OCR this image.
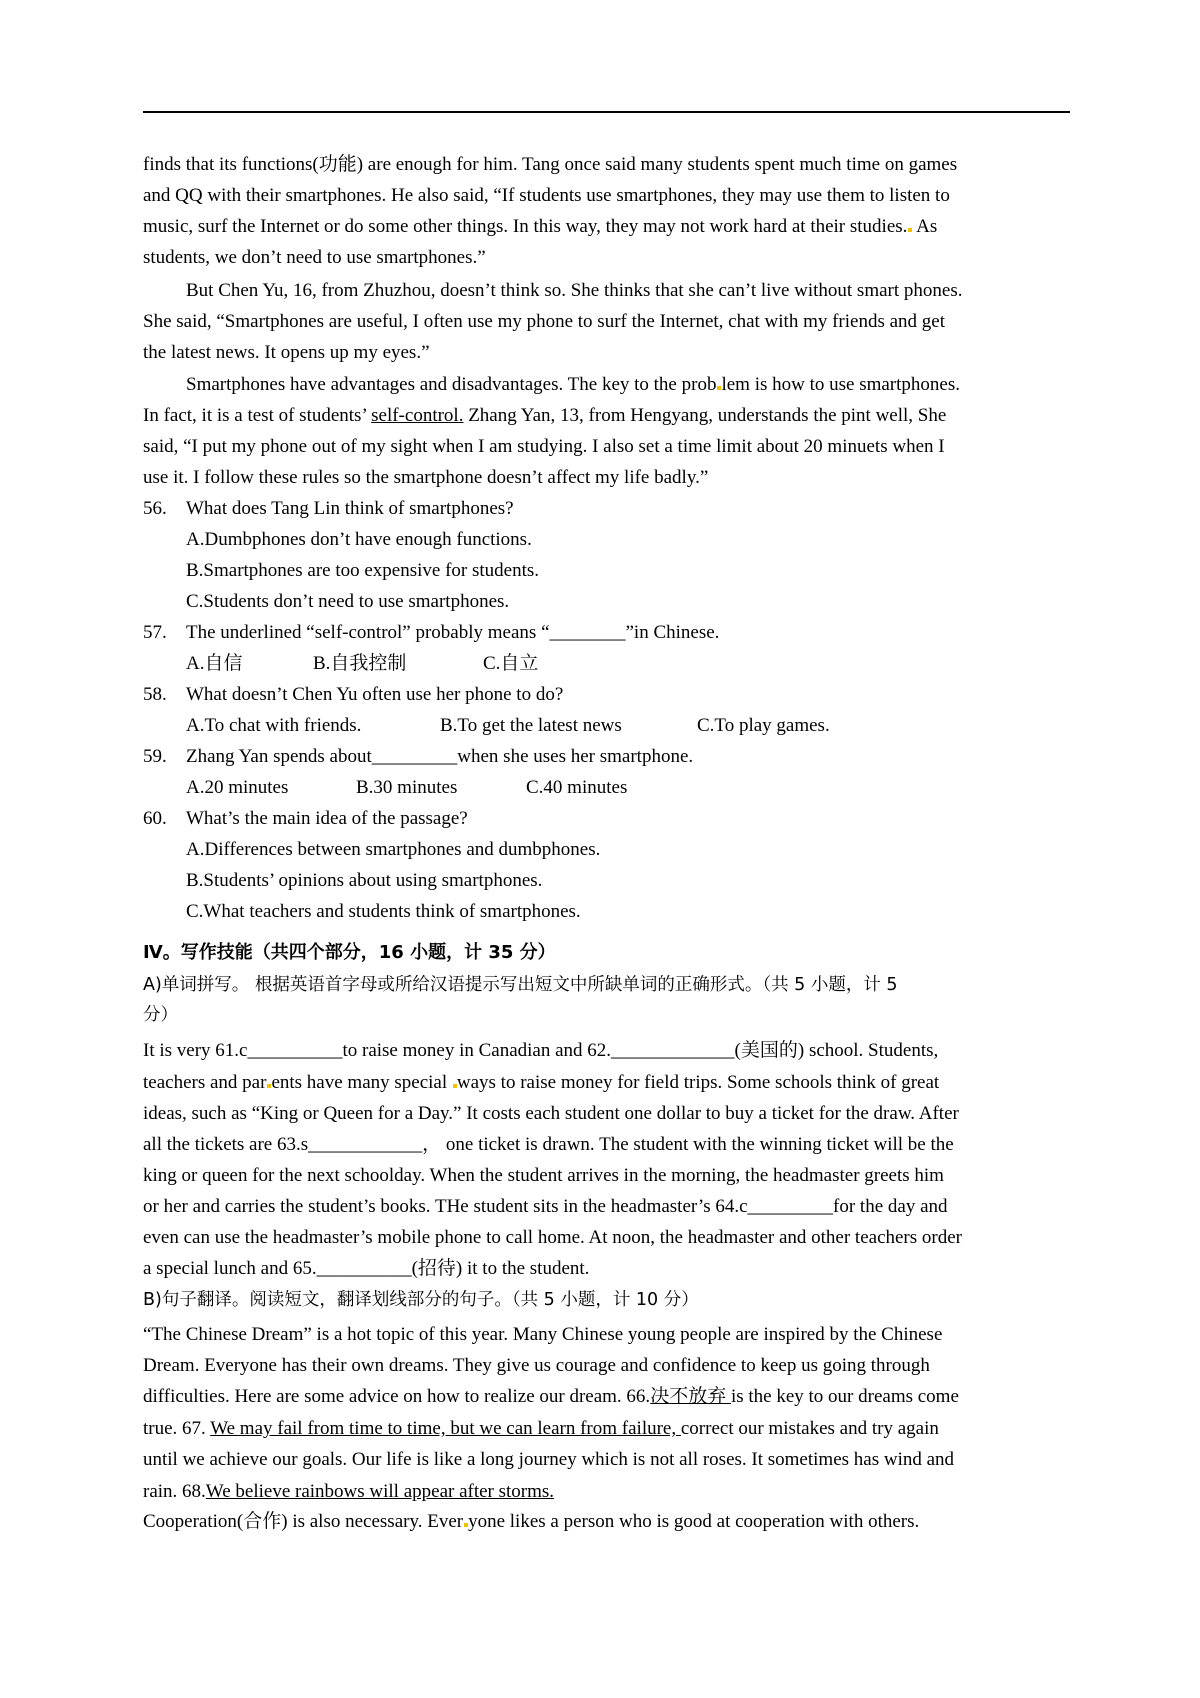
finds that its functions(功能) are enough for him. Tang once said many students spent much time on games
and QQ with their smartphones. He also said, “If students use smartphones, they may use them to listen to
music, surf the Internet or do some other things. In this way, they may not work hard at their studies. As
students, we don’t need to use smartphones.”
But Chen Yu, 16, from Zhuzhou, doesn’t think so. She thinks that she can’t live without smart phones.
She said, “Smartphones are useful, I often use my phone to surf the Internet, chat with my friends and get
the latest news. It opens up my eyes.”
Smartphones have advantages and disadvantages. The key to the prob lem is how to use smartphones.
In fact, it is a test of students’ self-control. Zhang Yan, 13, from Hengyang, understands the pint well, She
said, “I put my phone out of my sight when I am studying. I also set a time limit about 20 minuets when I
use it. I follow these rules so the smartphone doesn’t affect my life badly.”
56. What does Tang Lin think of smartphones?
A.Dumbphones don’t have enough functions.
B.Smartphones are too expensive for students.
C.Students don’t need to use smartphones.
57. The underlined “self-control” probably means “________”in Chinese.
A.自信	B.自我控制	C.自立
58. What doesn’t Chen Yu often use her phone to do?
A.To chat with friends.	B.To get the latest news	C.To play games.
59. Zhang Yan spends about_________when she uses her smartphone.
A.20 minutes	B.30 minutes	C.40 minutes
60. What’s the main idea of the passage?
A.Differences between smartphones and dumbphones.
B.Students’ opinions about using smartphones.
C.What teachers and students think of smartphones.
Ⅳ。写作技能（共四个部分，16 小题，计 35 分）
A)单词拼写。 根据英语首字母或所给汉语提示写出短文中所缺单词的正确形式。（共 5 小题，计 5
分）
It is very 61.c__________to raise money in Canadian and 62._____________(美国的) school. Students,
teachers and par ents have many special ways to raise money for field trips. Some schools think of great
ideas, such as “King or Queen for a Day.” It costs each student one dollar to buy a ticket for the draw. After
all the tickets are 63.s____________， one ticket is drawn. The student with the winning ticket will be the
king or queen for the next schoolday. When the student arrives in the morning, the headmaster greets him
or her and carries the student’s books. THe student sits in the headmaster’s 64.c_________for the day and
even can use the headmaster’s mobile phone to call home. At noon, the headmaster and other teachers order
a special lunch and 65.__________(招待) it to the student.
B)句子翻译。阅读短文，翻译划线部分的句子。（共 5 小题，计 10 分）
“The Chinese Dream” is a hot topic of this year. Many Chinese young people are inspired by the Chinese
Dream. Everyone has their own dreams. They give us courage and confidence to keep us going through
difficulties. Here are some advice on how to realize our dream. 66.决不放弃 is the key to our dreams come
true. 67. We may fail from time to time, but we can learn from failure, correct our mistakes and try again
until we achieve our goals. Our life is like a long journey which is not all roses. It sometimes has wind and
rain. 68.We believe rainbows will appear after storms.
Cooperation(合作) is also necessary. Ever yone likes a person who is good at cooperation with others.
